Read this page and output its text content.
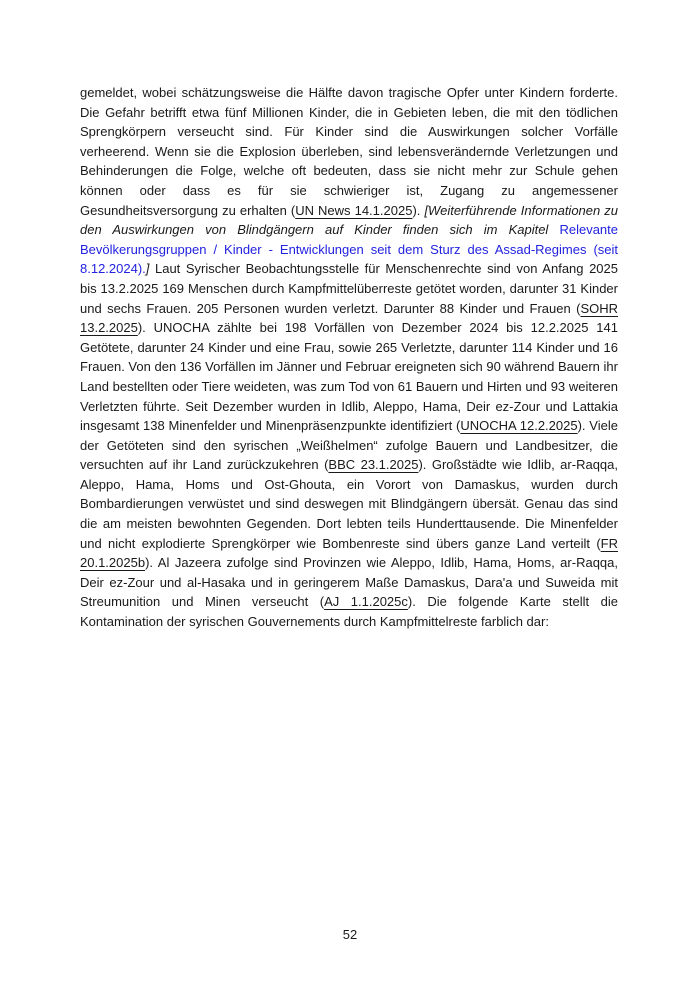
gemeldet, wobei schätzungsweise die Hälfte davon tragische Opfer unter Kindern forderte. Die Gefahr betrifft etwa fünf Millionen Kinder, die in Gebieten leben, die mit den tödlichen Sprengkörpern verseucht sind. Für Kinder sind die Auswirkungen solcher Vorfälle verheerend. Wenn sie die Explosion überleben, sind lebensverändernde Verletzungen und Behinderungen die Folge, welche oft bedeuten, dass sie nicht mehr zur Schule gehen können oder dass es für sie schwieriger ist, Zugang zu angemessener Gesundheitsversorgung zu erhalten (UN News 14.1.2025). [Weiterführende Informationen zu den Auswirkungen von Blindgängern auf Kinder finden sich im Kapitel Relevante Bevölkerungsgruppen / Kinder - Entwicklungen seit dem Sturz des Assad-Regimes (seit 8.12.2024).] Laut Syrischer Beobachtungsstelle für Menschenrechte sind von Anfang 2025 bis 13.2.2025 169 Menschen durch Kampfmittelüberreste getötet worden, darunter 31 Kinder und sechs Frauen. 205 Personen wurden verletzt. Darunter 88 Kinder und Frauen (SOHR 13.2.2025). UNOCHA zählte bei 198 Vorfällen von Dezember 2024 bis 12.2.2025 141 Getötete, darunter 24 Kinder und eine Frau, sowie 265 Verletzte, darunter 114 Kinder und 16 Frauen. Von den 136 Vorfällen im Jänner und Februar ereigneten sich 90 während Bauern ihr Land bestellten oder Tiere weideten, was zum Tod von 61 Bauern und Hirten und 93 weiteren Verletzten führte. Seit Dezember wurden in Idlib, Aleppo, Hama, Deir ez-Zour und Lattakia insgesamt 138 Minenfelder und Minenpräsenzpunkte identifiziert (UNOCHA 12.2.2025). Viele der Getöteten sind den syrischen „Weißhelmen“ zufolge Bauern und Landbesitzer, die versuchten auf ihr Land zurückzukehren (BBC 23.1.2025). Großstädte wie Idlib, ar-Raqqa, Aleppo, Hama, Homs und Ost-Ghouta, ein Vorort von Damaskus, wurden durch Bombardierungen verwüstet und sind deswegen mit Blindgängern übersät. Genau das sind die am meisten bewohnten Gegenden. Dort lebten teils Hunderttausende. Die Minenfelder und nicht explodierte Sprengkörper wie Bombenreste sind übers ganze Land verteilt (FR 20.1.2025b). Al Jazeera zufolge sind Provinzen wie Aleppo, Idlib, Hama, Homs, ar-Raqqa, Deir ez-Zour und al-Hasaka und in geringerem Maße Damaskus, Dara'a und Suweida mit Streumunition und Minen verseucht (AJ 1.1.2025c). Die folgende Karte stellt die Kontamination der syrischen Gouvernements durch Kampfmittelreste farblich dar:
52
